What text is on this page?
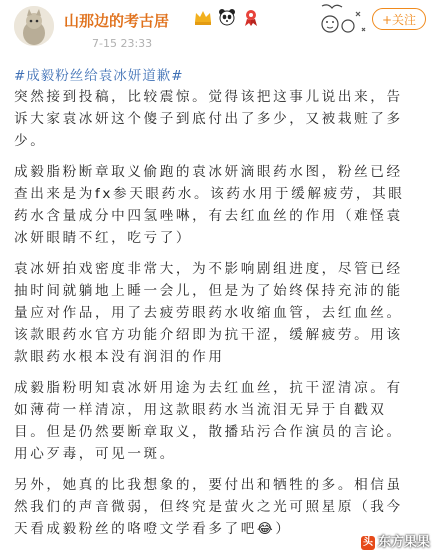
山那边的考古居
7-15 23:33
+关注
#成毅粉丝给袁冰妍道歉#
突然接到投稿，比较震惊。觉得该把这事儿说出来，告
诉大家袁冰妍这个傻子到底付出了多少，又被栽赃了多
少。
成毅脂粉断章取义偷跑的袁冰妍滴眼药水图，粉丝已经
查出来是为fx参天眼药水。该药水用于缓解疲劳，其眼
药水含量成分中四氢唑啉，有去红血丝的作用（难怪袁
冰妍眼睛不红，吃亏了）
袁冰妍拍戏密度非常大，为不影响剧组进度，尽管已经
抽时间就躺地上睡一会儿，但是为了始终保持充沛的能
量应对作品，用了去疲劳眼药水收缩血管，去红血丝。
该款眼药水官方功能介绍即为抗干涩，缓解疲劳。用该
款眼药水根本没有润泪的作用
成毅脂粉明知袁冰妍用途为去红血丝，抗干涩清凉。有
如薄荷一样清凉，用这款眼药水当流泪无异于自戳双
目。但是仍然要断章取义，散播玷污合作演员的言论。
用心歹毒，可见一斑。
另外，她真的比我想象的，要付出和牺牲的多。相信虽
然我们的声音微弱，但终究是萤火之光可照星原（我今
天看成毅粉丝的咯噔文学看多了吧😂）
头 东方果果
